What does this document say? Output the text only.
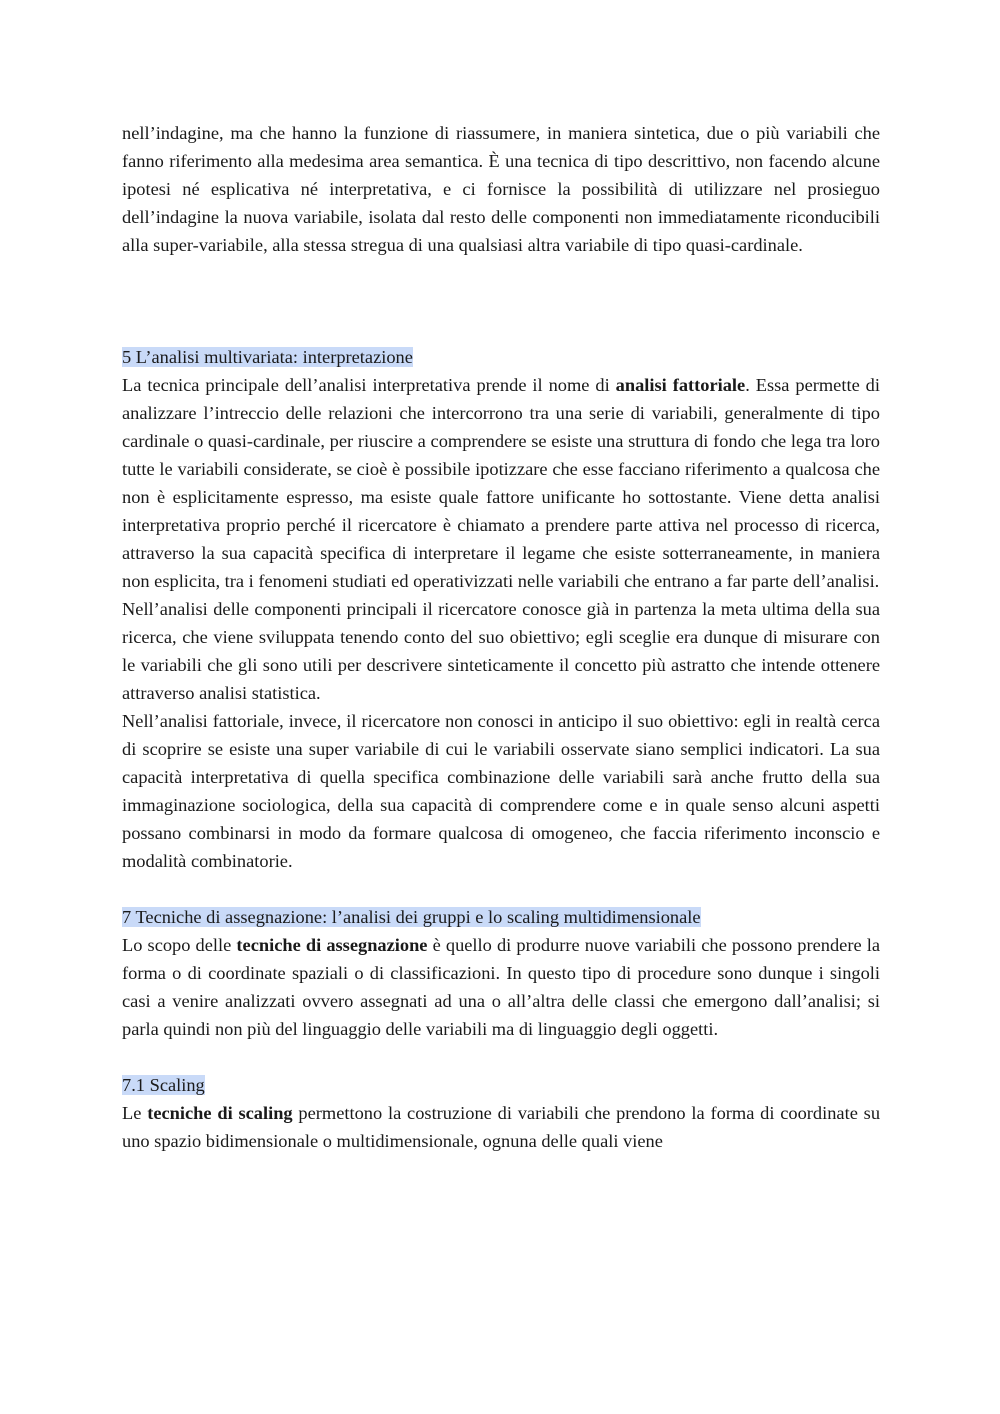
nell’indagine, ma che hanno la funzione di riassumere, in maniera sintetica, due o più variabili che fanno riferimento alla medesima area semantica. È una tecnica di tipo descrittivo, non facendo alcune ipotesi né esplicativa né interpretativa, e ci fornisce la possibilità di utilizzare nel prosieguo dell’indagine la nuova variabile, isolata dal resto delle componenti non immediatamente riconducibili alla super-variabile, alla stessa stregua di una qualsiasi altra variabile di tipo quasi-cardinale.

5 L’analisi multivariata: interpretazione

La tecnica principale dell’analisi interpretativa prende il nome di analisi fattoriale. Essa permette di analizzare l’intreccio delle relazioni che intercorrono tra una serie di variabili, generalmente di tipo cardinale o quasi-cardinale, per riuscire a comprendere se esiste una struttura di fondo che lega tra loro tutte le variabili considerate, se cioè è possibile ipotizzare che esse facciano riferimento a qualcosa che non è esplicitamente espresso, ma esiste quale fattore unificante ho sottostante. Viene detta analisi interpretativa proprio perché il ricercatore è chiamato a prendere parte attiva nel processo di ricerca, attraverso la sua capacità specifica di interpretare il legame che esiste sotterraneamente, in maniera non esplicita, tra i fenomeni studiati ed operativizzati nelle variabili che entrano a far parte dell’analisi.

Nell’analisi delle componenti principali il ricercatore conosce già in partenza la meta ultima della sua ricerca, che viene sviluppata tenendo conto del suo obiettivo; egli sceglie era dunque di misurare con le variabili che gli sono utili per descrivere sinteticamente il concetto più astratto che intende ottenere attraverso analisi statistica.

Nell’analisi fattoriale, invece, il ricercatore non conosci in anticipo il suo obiettivo: egli in realtà cerca di scoprire se esiste una super variabile di cui le variabili osservate siano semplici indicatori. La sua capacità interpretativa di quella specifica combinazione delle variabili sarà anche frutto della sua immaginazione sociologica, della sua capacità di comprendere come e in quale senso alcuni aspetti possano combinarsi in modo da formare qualcosa di omogeneo, che faccia riferimento inconscio e modalità combinatorie.

7 Tecniche di assegnazione: l’analisi dei gruppi e lo scaling multidimensionale

Lo scopo delle tecniche di assegnazione è quello di produrre nuove variabili che possono prendere la forma o di coordinate spaziali o di classificazioni. In questo tipo di procedure sono dunque i singoli casi a venire analizzati ovvero assegnati ad una o all’altra delle classi che emergono dall’analisi; si parla quindi non più del linguaggio delle variabili ma di linguaggio degli oggetti.

7.1 Scaling

Le tecniche di scaling permettono la costruzione di variabili che prendono la forma di coordinate su uno spazio bidimensionale o multidimensionale, ognuna delle quali viene
